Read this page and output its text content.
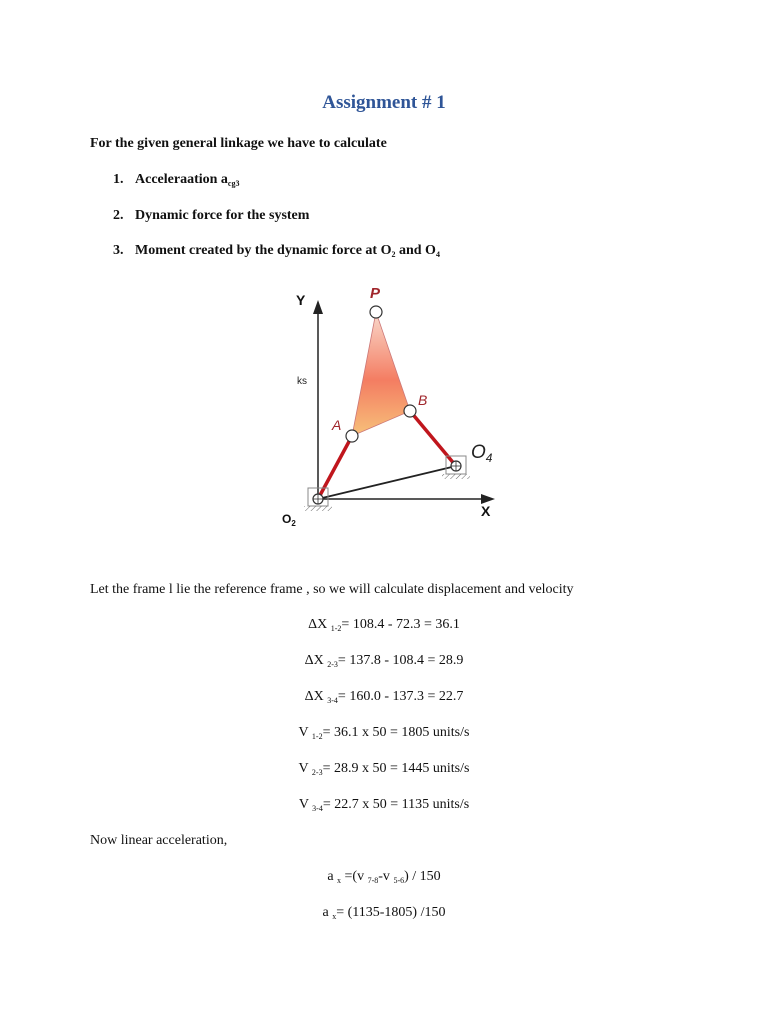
Assignment # 1
For the given general linkage we have to calculate
1. Acceleraation $a_{cg3}$
2. Dynamic force for the system
3. Moment created by the dynamic force at $O_2$ and $O_4$
Y	P
ks
B
A
$O_4$
$O_2$
X
Let the frame l lie the reference frame , so we will calculate displacement and velocity
ΔX $_{1-2}$= 108.4 - 72.3 = 36.1
ΔX $_{2-3}$= 137.8 - 108.4 = 28.9
ΔX $_{3-4}$= 160.0 - 137.3 = 22.7
V $_{1-2}$= 36.1 x 50 = 1805 units/s
V $_{2-3}$= 28.9 x 50 = 1445 units/s
V $_{3-4}$= 22.7 x 50 = 1135 units/s
Now linear acceleration,
a $_x$ =(v $_{7-8}$-v $_{5-6}$) / 150
a $_x$= (1135-1805) /150
